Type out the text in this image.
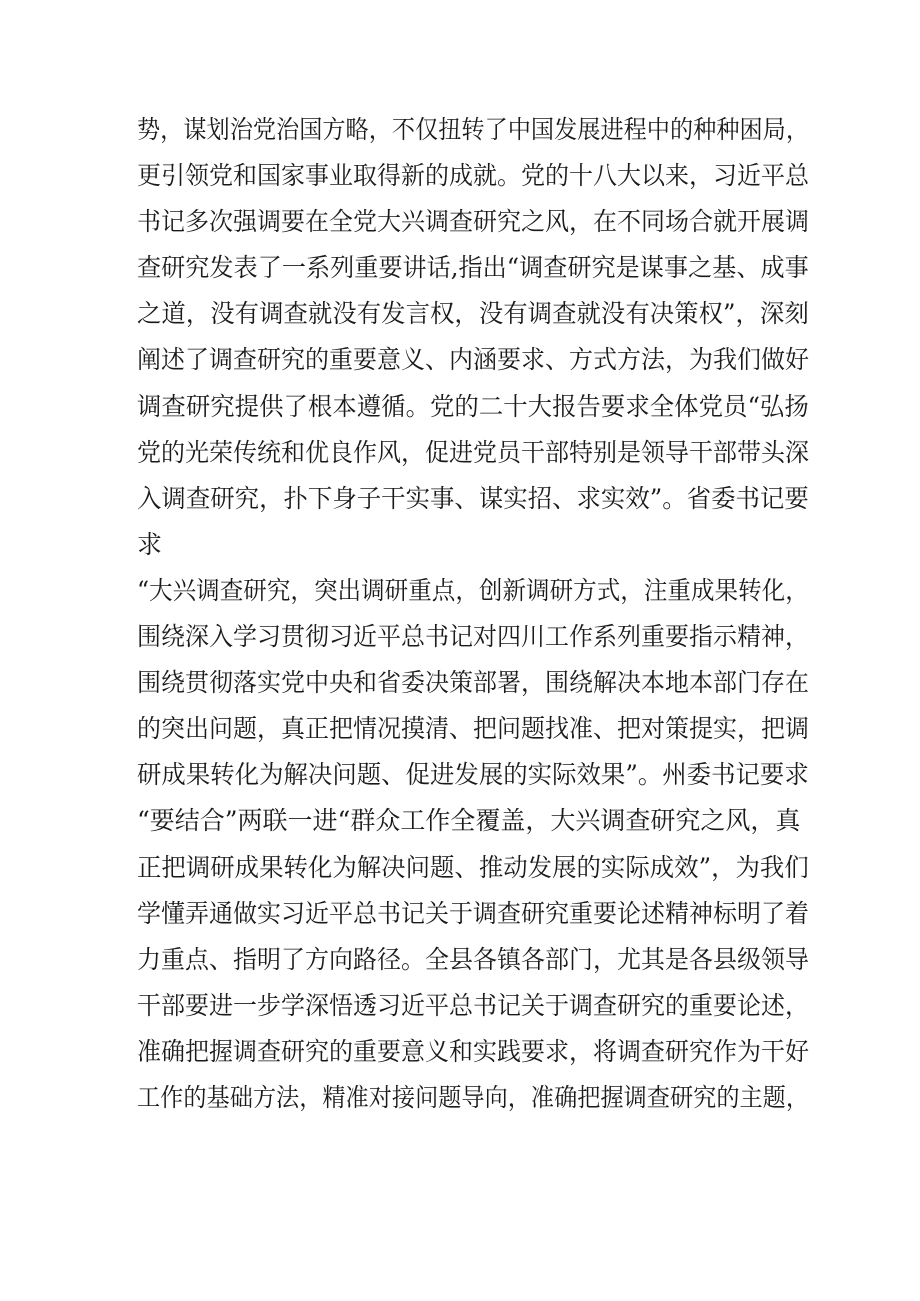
势，谋划治党治国方略，不仅扭转了中国发展进程中的种种困局，
更引领党和国家事业取得新的成就。党的十八大以来，习近平总
书记多次强调要在全党大兴调查研究之风，在不同场合就开展调
查研究发表了一系列重要讲话,指出“调查研究是谋事之基、成事
之道，没有调查就没有发言权，没有调查就没有决策权”，深刻
阐述了调查研究的重要意义、内涵要求、方式方法，为我们做好
调查研究提供了根本遵循。党的二十大报告要求全体党员“弘扬
党的光荣传统和优良作风，促进党员干部特别是领导干部带头深
入调查研究，扑下身子干实事、谋实招、求实效”。省委书记要
求
“大兴调查研究，突出调研重点，创新调研方式，注重成果转化，
围绕深入学习贯彻习近平总书记对四川工作系列重要指示精神，
围绕贯彻落实党中央和省委决策部署，围绕解决本地本部门存在
的突出问题，真正把情况摸清、把问题找准、把对策提实，把调
研成果转化为解决问题、促进发展的实际效果”。州委书记要求
“要结合”两联一进“群众工作全覆盖，大兴调查研究之风，真
正把调研成果转化为解决问题、推动发展的实际成效”，为我们
学懂弄通做实习近平总书记关于调查研究重要论述精神标明了着
力重点、指明了方向路径。全县各镇各部门，尤其是各县级领导
干部要进一步学深悟透习近平总书记关于调查研究的重要论述，
准确把握调查研究的重要意义和实践要求，将调查研究作为干好
工作的基础方法，精准对接问题导向，准确把握调查研究的主题，
